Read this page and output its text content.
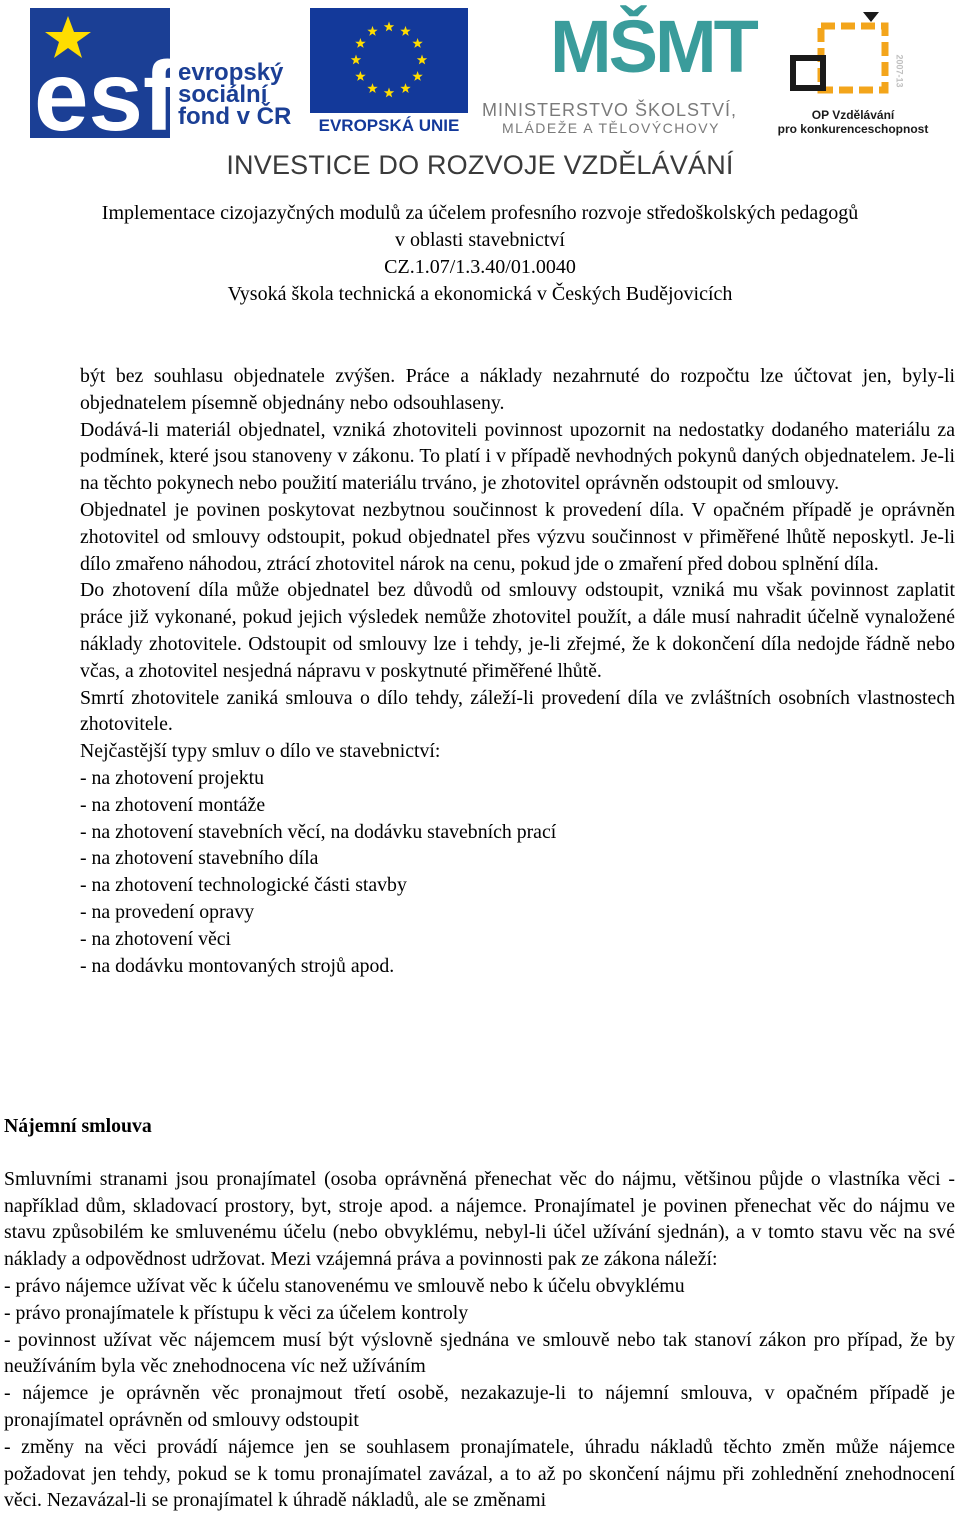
esf evropský
sociální
fond v ČR	EVROPSKÁ UNIE
MŠMT
MINISTERSTVO ŠKOLSTVÍ,
MLÁDEŽE A TĚLOVÝCHOVY
2007-13
OP Vzdělávání
pro konkurenceschopnost
INVESTICE DO ROZVOJE VZDĚLÁVÁNÍ
Implementace cizojazyčných modulů za účelem profesního rozvoje středoškolských pedagogů
v oblasti stavebnictví
CZ.1.07/1.3.40/01.0040
Vysoká škola technická a ekonomická v Českých Budějovicích

být bez souhlasu objednatele zvýšen. Práce a náklady nezahrnuté do rozpočtu lze účtovat jen, byly-li objednatelem písemně objednány nebo odsouhlaseny.

Dodává-li materiál objednatel, vzniká zhotoviteli povinnost upozornit na nedostatky dodaného materiálu za podmínek, které jsou stanoveny v zákonu. To platí i v případě nevhodných pokynů daných objednatelem. Je-li na těchto pokynech nebo použití materiálu trváno, je zhotovitel oprávněn odstoupit od smlouvy.

Objednatel je povinen poskytovat nezbytnou součinnost k provedení díla. V opačném případě je oprávněn zhotovitel od smlouvy odstoupit, pokud objednatel přes výzvu součinnost v přiměřené lhůtě neposkytl. Je-li dílo zmařeno náhodou, ztrácí zhotovitel nárok na cenu, pokud jde o zmaření před dobou splnění díla.

Do zhotovení díla může objednatel bez důvodů od smlouvy odstoupit, vzniká mu však povinnost zaplatit práce již vykonané, pokud jejich výsledek nemůže zhotovitel použít, a dále musí nahradit účelně vynaložené náklady zhotovitele. Odstoupit od smlouvy lze i tehdy, je-li zřejmé, že k dokončení díla nedojde řádně nebo včas, a zhotovitel nesjedná nápravu v poskytnuté přiměřené lhůtě.

Smrtí zhotovitele zaniká smlouva o dílo tehdy, záleží-li provedení díla ve zvláštních osobních vlastnostech zhotovitele.

Nejčastější typy smluv o dílo ve stavebnictví:

- na zhotovení projektu

- na zhotovení montáže

- na zhotovení stavebních věcí, na dodávku stavebních prací

- na zhotovení stavebního díla

- na zhotovení technologické části stavby

- na provedení opravy

- na zhotovení věci

- na dodávku montovaných strojů apod.

Nájemní smlouva

Smluvními stranami jsou pronajímatel (osoba oprávněná přenechat věc do nájmu, většinou půjde o vlastníka věci - například dům, skladovací prostory, byt, stroje apod. a nájemce. Pronajímatel je povinen přenechat věc do nájmu ve stavu způsobilém ke smluvenému účelu (nebo obvyklému, nebyl-li účel užívání sjednán), a v tomto stavu věc na své náklady a odpovědnost udržovat. Mezi vzájemná práva a povinnosti pak ze zákona náleží:

- právo nájemce užívat věc k účelu stanovenému ve smlouvě nebo k účelu obvyklému

- právo pronajímatele k přístupu k věci za účelem kontroly

- povinnost užívat věc nájemcem musí být výslovně sjednána ve smlouvě nebo tak stanoví zákon pro případ, že by neužíváním byla věc znehodnocena víc než užíváním

- nájemce je oprávněn věc pronajmout třetí osobě, nezakazuje-li to nájemní smlouva, v opačném případě je pronajímatel oprávněn od smlouvy odstoupit

- změny na věci provádí nájemce jen se souhlasem pronajímatele, úhradu nákladů těchto změn může nájemce požadovat jen tehdy, pokud se k tomu pronajímatel zavázal, a to až po skončení nájmu při zohlednění znehodnocení věci. Nezavázal-li se pronajímatel k úhradě nákladů, ale se změnami
